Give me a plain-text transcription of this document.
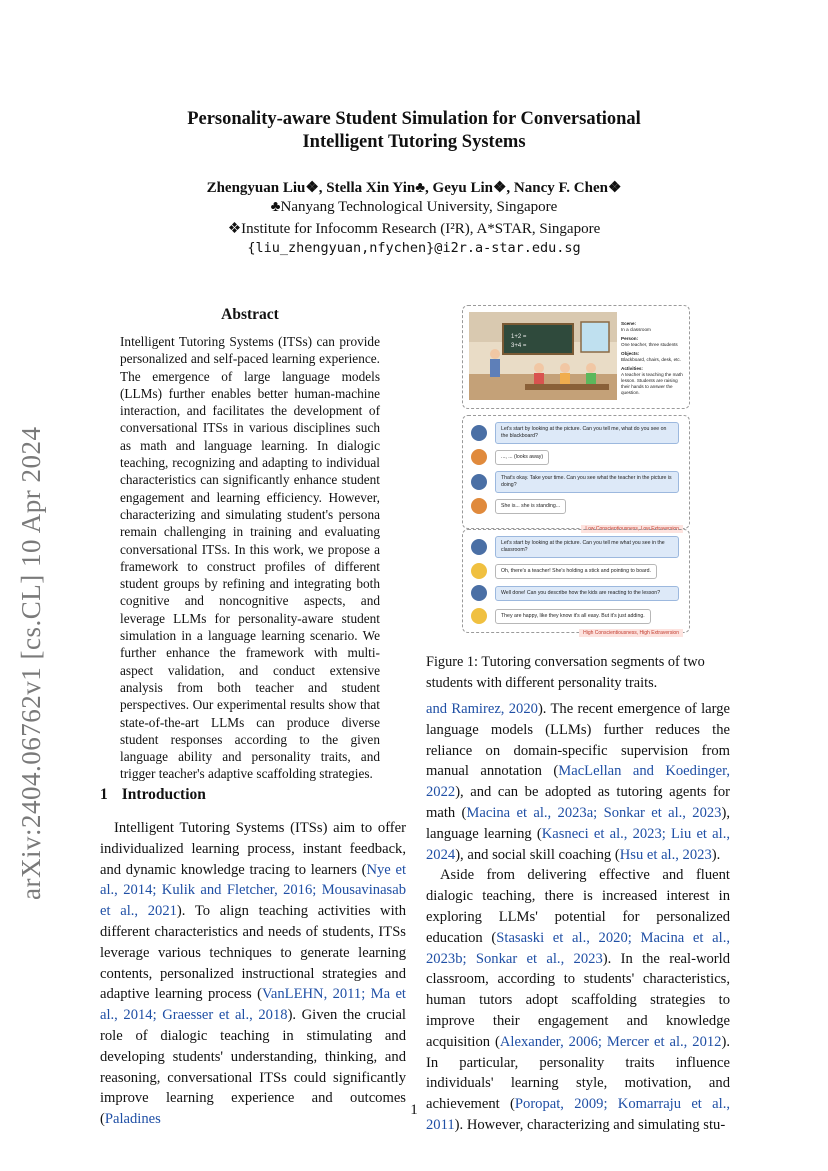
arXiv:2404.06762v1 [cs.CL] 10 Apr 2024
Personality-aware Student Simulation for Conversational
Intelligent Tutoring Systems
Zhengyuan Liu❖, Stella Xin Yin♣, Geyu Lin❖, Nancy F. Chen❖
♣Nanyang Technological University, Singapore
❖Institute for Infocomm Research (I²R), A*STAR, Singapore
{liu_zhengyuan,nfychen}@i2r.a-star.edu.sg
Abstract
Intelligent Tutoring Systems (ITSs) can provide personalized and self-paced learning experience. The emergence of large language models (LLMs) further enables better human-machine interaction, and facilitates the development of conversational ITSs in various disciplines such as math and language learning. In dialogic teaching, recognizing and adapting to individual characteristics can significantly enhance student engagement and learning efficiency. However, characterizing and simulating student's persona remain challenging in training and evaluating conversational ITSs. In this work, we propose a framework to construct profiles of different student groups by refining and integrating both cognitive and noncognitive aspects, and leverage LLMs for personality-aware student simulation in a language learning scenario. We further enhance the framework with multi-aspect validation, and conduct extensive analysis from both teacher and student perspectives. Our experimental results show that state-of-the-art LLMs can produce diverse student responses according to the given language ability and personality traits, and trigger teacher's adaptive scaffolding strategies.
1 Introduction

Intelligent Tutoring Systems (ITSs) aim to offer individualized learning process, instant feedback, and dynamic knowledge tracing to learners (Nye et al., 2014; Kulik and Fletcher, 2016; Mousavinasab et al., 2021). To align teaching activities with different characteristics and needs of students, ITSs leverage various techniques to generate learning contents, personalized instructional strategies and adaptive learning process (VanLEHN, 2011; Ma et al., 2014; Graesser et al., 2018). Given the crucial role of dialogic teaching in stimulating and developing students' understanding, thinking, and reasoning, conversational ITSs could significantly improve learning experience and outcomes (Paladines

1+2 =
3+4 =
Scene:
In a classroom
Person:
One teacher, three students
Objects:
Blackboard, chairs, desk, etc.
Activities:
A teacher is teaching the math lesson. Students are raising their hands to answer the question.
Let's start by looking at the picture. Can you tell me, what do you see on the blackboard?
..., ... (looks away)
That's okay. Take your time. Can you see what the teacher in the picture is doing?
She is... she is standing...
Low Conscientiousness, Low Extraversion
Let's start by looking at the picture. Can you tell me what you see in the classroom?
Oh, there's a teacher! She's holding a stick and pointing to board.
Well done! Can you describe how the kids are reacting to the lesson?
They are happy, like they know it's all easy. But it's just adding.
High Conscientiousness, High Extraversion
Figure 1: Tutoring conversation segments of two students with different personality traits.

and Ramirez, 2020). The recent emergence of large language models (LLMs) further reduces the reliance on domain-specific supervision from manual annotation (MacLellan and Koedinger, 2022), and can be adopted as tutoring agents for math (Macina et al., 2023a; Sonkar et al., 2023), language learning (Kasneci et al., 2023; Liu et al., 2024), and social skill coaching (Hsu et al., 2023).

Aside from delivering effective and fluent dialogic teaching, there is increased interest in exploring LLMs' potential for personalized education (Stasaski et al., 2020; Macina et al., 2023b; Sonkar et al., 2023). In the real-world classroom, according to students' characteristics, human tutors adopt scaffolding strategies to improve their engagement and knowledge acquisition (Alexander, 2006; Mercer et al., 2012). In particular, personality traits influence individuals' learning style, motivation, and achievement (Poropat, 2009; Komarraju et al., 2011). However, characterizing and simulating stu-

1
